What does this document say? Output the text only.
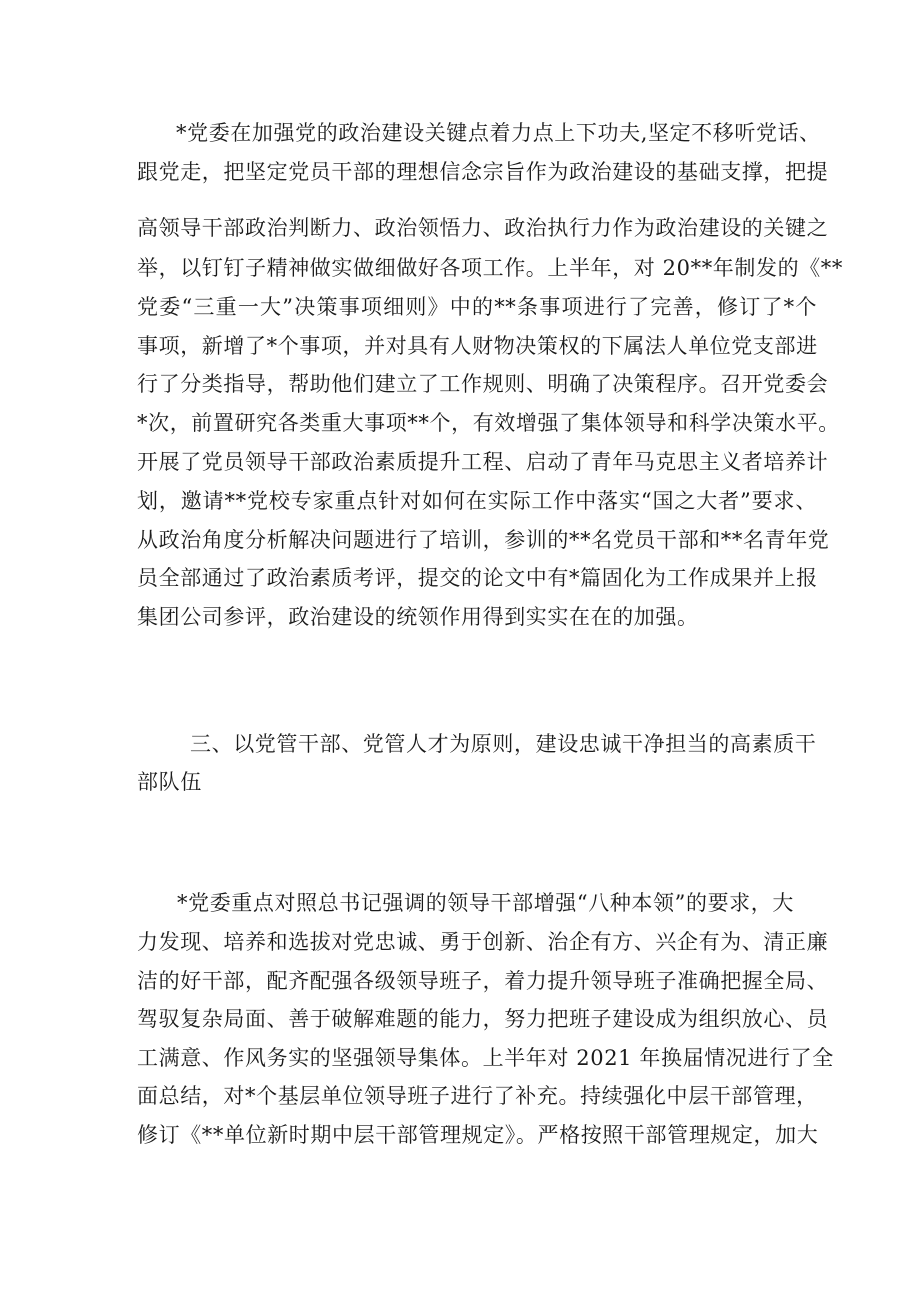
*党委在加强党的政治建设关键点着力点上下功夫,坚定不移听党话、
跟党走，把坚定党员干部的理想信念宗旨作为政治建设的基础支撑，把提
高领导干部政治判断力、政治领悟力、政治执行力作为政治建设的关键之
举，以钉钉子精神做实做细做好各项工作。上半年，对 20**年制发的《**
党委“三重一大”决策事项细则》中的**条事项进行了完善，修订了*个
事项，新增了*个事项，并对具有人财物决策权的下属法人单位党支部进
行了分类指导，帮助他们建立了工作规则、明确了决策程序。召开党委会
*次，前置研究各类重大事项**个，有效增强了集体领导和科学决策水平。
开展了党员领导干部政治素质提升工程、启动了青年马克思主义者培养计
划，邀请**党校专家重点针对如何在实际工作中落实“国之大者”要求、
从政治角度分析解决问题进行了培训，参训的**名党员干部和**名青年党
员全部通过了政治素质考评，提交的论文中有*篇固化为工作成果并上报
集团公司参评，政治建设的统领作用得到实实在在的加强。
三、以党管干部、党管人才为原则，建设忠诚干净担当的高素质干
部队伍
*党委重点对照总书记强调的领导干部增强“八种本领”的要求，大
力发现、培养和选拔对党忠诚、勇于创新、治企有方、兴企有为、清正廉
洁的好干部，配齐配强各级领导班子，着力提升领导班子准确把握全局、
驾驭复杂局面、善于破解难题的能力，努力把班子建设成为组织放心、员
工满意、作风务实的坚强领导集体。上半年对 2021 年换届情况进行了全
面总结，对*个基层单位领导班子进行了补充。持续强化中层干部管理，
修订《**单位新时期中层干部管理规定》。严格按照干部管理规定，加大
